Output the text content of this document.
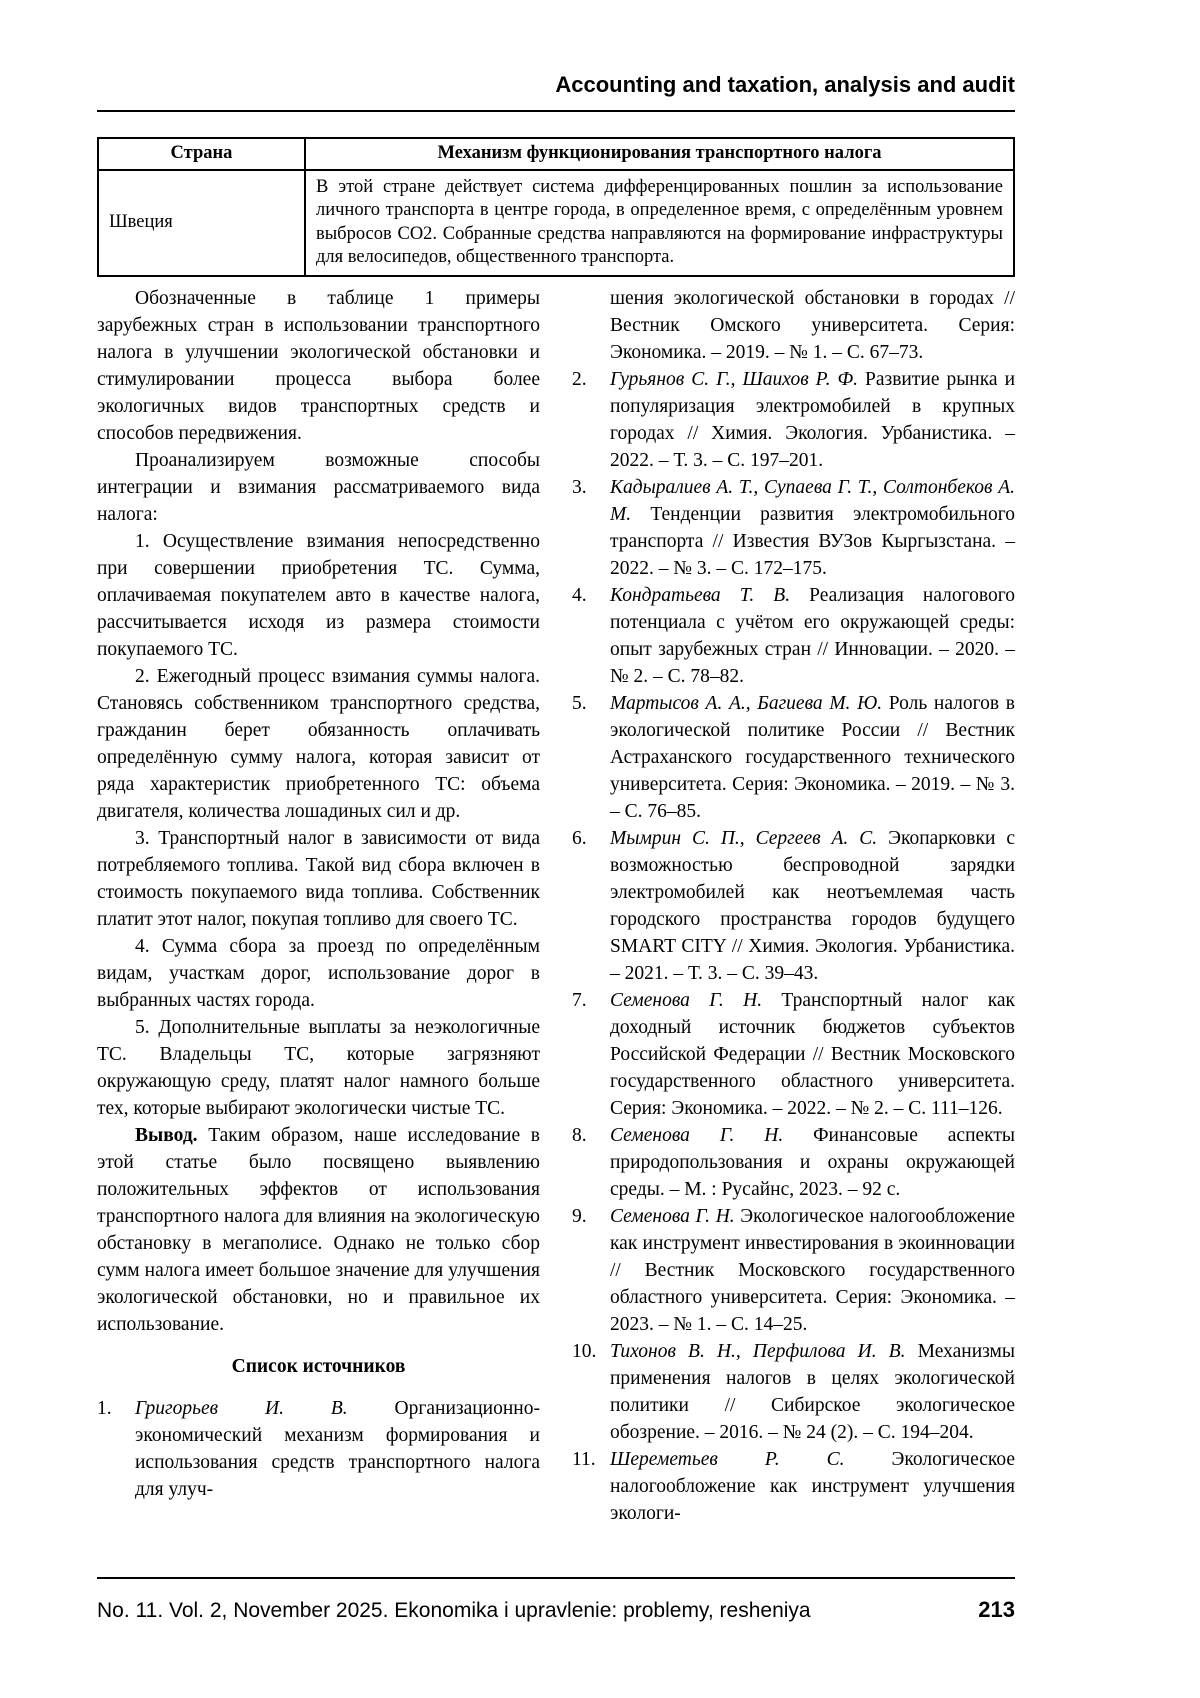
Accounting and taxation, analysis and audit
Страна	Механизм функционирования транспортного налога
Швеция	В этой стране действует система дифференцированных пошлин за использование личного транспорта в центре города, в определенное время, с определённым уровнем выбросов СО2. Собранные средства направляются на формирование инфраструктуры для велосипедов, общественного транспорта.

Обозначенные в таблице 1 примеры зарубежных стран в использовании транспортного налога в улучшении экологической обстановки и стимулировании процесса выбора более экологичных видов транспортных средств и способов передвижения.

Проанализируем возможные способы интеграции и взимания рассматриваемого вида налога:

1. Осуществление взимания непосредственно при совершении приобретения ТС. Сумма, оплачиваемая покупателем авто в качестве налога, рассчитывается исходя из размера стоимости покупаемого ТС.

2. Ежегодный процесс взимания суммы налога. Становясь собственником транспортного средства, гражданин берет обязанность оплачивать определённую сумму налога, которая зависит от ряда характеристик приобретенного ТС: объема двигателя, количества лошадиных сил и др.

3. Транспортный налог в зависимости от вида потребляемого топлива. Такой вид сбора включен в стоимость покупаемого вида топлива. Собственник платит этот налог, покупая топливо для своего ТС.

4. Сумма сбора за проезд по определённым видам, участкам дорог, использование дорог в выбранных частях города.

5. Дополнительные выплаты за неэкологичные ТС. Владельцы ТС, которые загрязняют окружающую среду, платят налог намного больше тех, которые выбирают экологически чистые ТС.

Вывод. Таким образом, наше исследование в этой статье было посвящено выявлению положительных эффектов от использования транспортного налога для влияния на экологическую обстановку в мегаполисе. Однако не только сбор сумм налога имеет большое значение для улучшения экологической обстановки, но и правильное их использование.

Список источников

1. Григорьев И. В. Организационно-экономический механизм формирования и использования средств транспортного налога для улуч-

шения экологической обстановки в городах // Вестник Омского университета. Серия: Экономика. – 2019. – № 1. – С. 67–73.

2. Гурьянов С. Г., Шаихов Р. Ф. Развитие рынка и популяризация электромобилей в крупных городах // Химия. Экология. Урбанистика. – 2022. – Т. 3. – С. 197–201.

3. Кадыралиев А. Т., Супаева Г. Т., Солтонбеков А. М. Тенденции развития электромобильного транспорта // Известия ВУЗов Кыргызстана. – 2022. – № 3. – С. 172–175.

4. Кондратьева Т. В. Реализация налогового потенциала с учётом его окружающей среды: опыт зарубежных стран // Инновации. – 2020. – № 2. – С. 78–82.

5. Мартысов А. А., Багиева М. Ю. Роль налогов в экологической политике России // Вестник Астраханского государственного технического университета. Серия: Экономика. – 2019. – № 3. – С. 76–85.

6. Мымрин С. П., Сергеев А. С. Экопарковки с возможностью беспроводной зарядки электромобилей как неотъемлемая часть городского пространства городов будущего SMART CITY // Химия. Экология. Урбанистика. – 2021. – Т. 3. – С. 39–43.

7. Семенова Г. Н. Транспортный налог как доходный источник бюджетов субъектов Российской Федерации // Вестник Московского государственного областного университета. Серия: Экономика. – 2022. – № 2. – С. 111–126.

8. Семенова Г. Н. Финансовые аспекты природопользования и охраны окружающей среды. – М. : Русайнс, 2023. – 92 с.

9. Семенова Г. Н. Экологическое налогообложение как инструмент инвестирования в экоинновации // Вестник Московского государственного областного университета. Серия: Экономика. – 2023. – № 1. – С. 14–25.

10. Тихонов В. Н., Перфилова И. В. Механизмы применения налогов в целях экологической политики // Сибирское экологическое обозрение. – 2016. – № 24 (2). – С. 194–204.

11. Шереметьев Р. С. Экологическое налогообложение как инструмент улучшения экологи-

No. 11. Vol. 2, November 2025. Ekonomika i upravlenie: problemy, resheniya	213
